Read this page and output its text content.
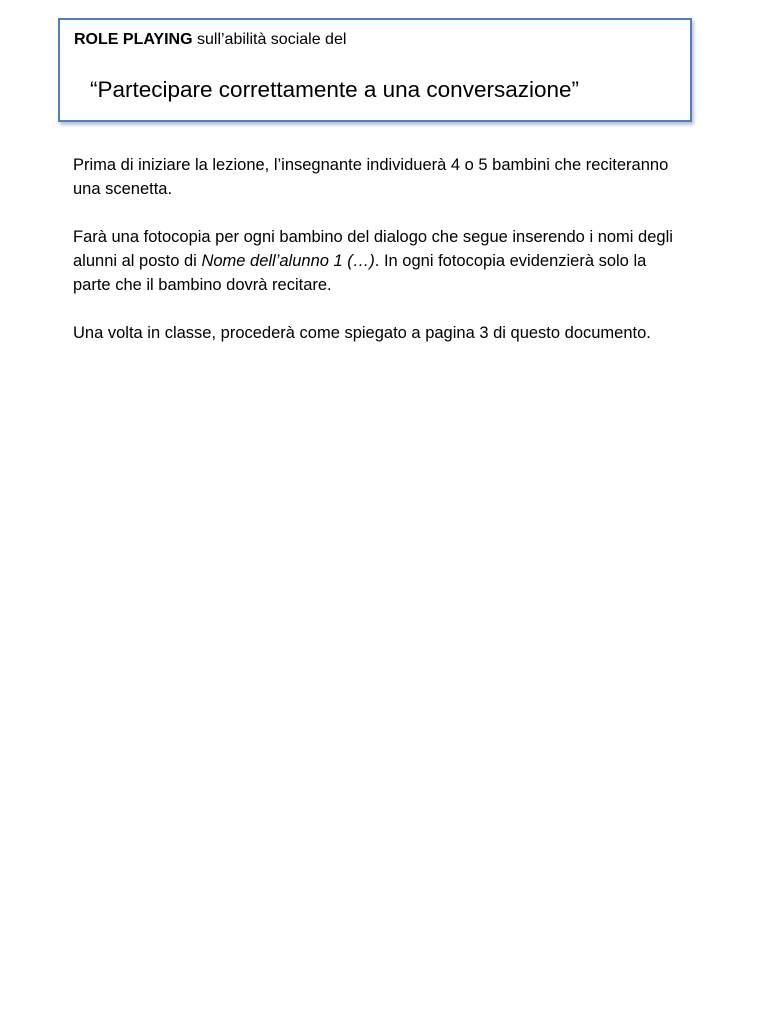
ROLE PLAYING sull’abilità sociale del
“Partecipare correttamente a una conversazione”

Prima di iniziare la lezione, l’insegnante individuerà 4 o 5 bambini che reciteranno una scenetta.

Farà una fotocopia per ogni bambino del dialogo che segue inserendo i nomi degli alunni al posto di Nome dell’alunno 1 (…). In ogni fotocopia evidenzierà solo la parte che il bambino dovrà recitare.

Una volta in classe, procederà come spiegato a pagina 3 di questo documento.
